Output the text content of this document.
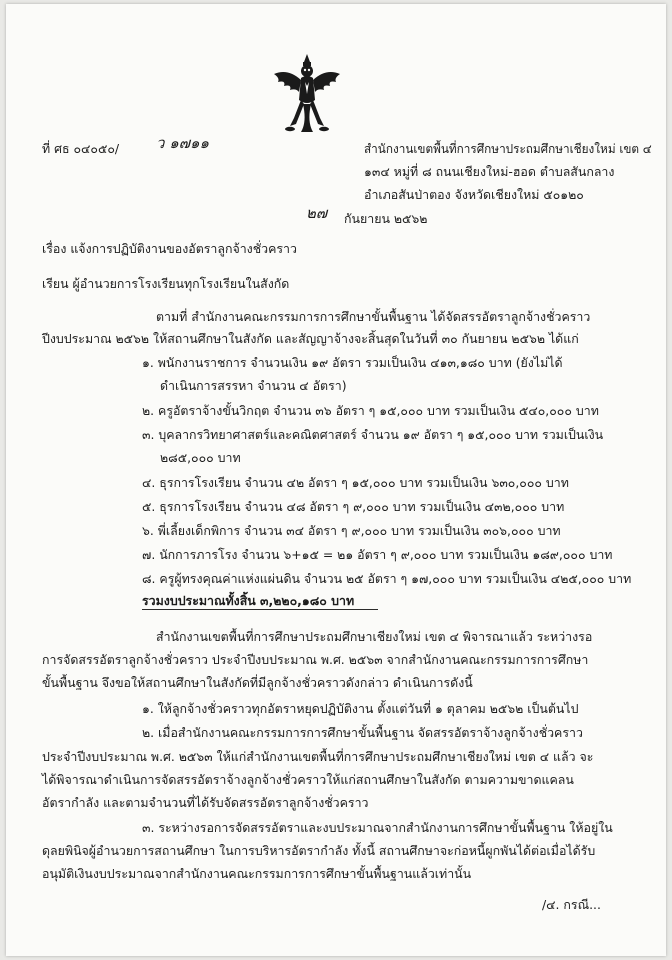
ที่ ศธ ๐๔๐๕๐/ ว ๑๗๑๑	สำนักงานเขตพื้นที่การศึกษาประถมศึกษาเชียงใหม่ เขต ๔
๑๓๔ หมู่ที่ ๘ ถนนเชียงใหม่-ฮอด ตำบลสันกลาง
อำเภอสันป่าตอง จังหวัดเชียงใหม่ ๕๐๑๒๐
๒๗ กันยายน ๒๕๖๒
เรื่อง แจ้งการปฏิบัติงานของอัตราลูกจ้างชั่วคราว
เรียน ผู้อำนวยการโรงเรียนทุกโรงเรียนในสังกัด
ตามที่ สำนักงานคณะกรรมการการศึกษาขั้นพื้นฐาน ได้จัดสรรอัตราลูกจ้างชั่วคราว
ปีงบประมาณ ๒๕๖๒ ให้สถานศึกษาในสังกัด และสัญญาจ้างจะสิ้นสุดในวันที่ ๓๐ กันยายน ๒๕๖๒ ได้แก่
๑. พนักงานราชการ จำนวนเงิน ๑๙ อัตรา รวมเป็นเงิน ๔๑๓,๑๘๐ บาท (ยังไม่ได้
ดำเนินการสรรหา จำนวน ๔ อัตรา)
๒. ครูอัตราจ้างขั้นวิกฤต จำนวน ๓๖ อัตรา ๆ ๑๕,๐๐๐ บาท รวมเป็นเงิน ๕๔๐,๐๐๐ บาท
๓. บุคลากรวิทยาศาสตร์และคณิตศาสตร์ จำนวน ๑๙ อัตรา ๆ ๑๕,๐๐๐ บาท รวมเป็นเงิน
๒๘๕,๐๐๐ บาท
๔. ธุรการโรงเรียน จำนวน ๔๒ อัตรา ๆ ๑๕,๐๐๐ บาท รวมเป็นเงิน ๖๓๐,๐๐๐ บาท
๕. ธุรการโรงเรียน จำนวน ๔๘ อัตรา ๆ ๙,๐๐๐ บาท รวมเป็นเงิน ๔๓๒,๐๐๐ บาท
๖. พี่เลี้ยงเด็กพิการ จำนวน ๓๔ อัตรา ๆ ๙,๐๐๐ บาท รวมเป็นเงิน ๓๐๖,๐๐๐ บาท
๗. นักการภารโรง จำนวน ๖+๑๕ = ๒๑ อัตรา ๆ ๙,๐๐๐ บาท รวมเป็นเงิน ๑๘๙,๐๐๐ บาท
๘. ครูผู้ทรงคุณค่าแห่งแผ่นดิน จำนวน ๒๕ อัตรา ๆ ๑๗,๐๐๐ บาท รวมเป็นเงิน ๔๒๕,๐๐๐ บาท
รวมงบประมาณทั้งสิ้น ๓,๒๒๐,๑๘๐ บาท
สำนักงานเขตพื้นที่การศึกษาประถมศึกษาเชียงใหม่ เขต ๔ พิจารณาแล้ว ระหว่างรอ
การจัดสรรอัตราลูกจ้างชั่วคราว ประจำปีงบประมาณ พ.ศ. ๒๕๖๓ จากสำนักงานคณะกรรมการการศึกษา
ขั้นพื้นฐาน จึงขอให้สถานศึกษาในสังกัดที่มีลูกจ้างชั่วคราวดังกล่าว ดำเนินการดังนี้
๑. ให้ลูกจ้างชั่วคราวทุกอัตราหยุดปฏิบัติงาน ตั้งแต่วันที่ ๑ ตุลาคม ๒๕๖๒ เป็นต้นไป
๒. เมื่อสำนักงานคณะกรรมการการศึกษาขั้นพื้นฐาน จัดสรรอัตราจ้างลูกจ้างชั่วคราว
ประจำปีงบประมาณ พ.ศ. ๒๕๖๓ ให้แก่สำนักงานเขตพื้นที่การศึกษาประถมศึกษาเชียงใหม่ เขต ๔ แล้ว จะ
ได้พิจารณาดำเนินการจัดสรรอัตราจ้างลูกจ้างชั่วคราวให้แก่สถานศึกษาในสังกัด ตามความขาดแคลน
อัตรากำลัง และตามจำนวนที่ได้รับจัดสรรอัตราลูกจ้างชั่วคราว
๓. ระหว่างรอการจัดสรรอัตราและงบประมาณจากสำนักงานการศึกษาขั้นพื้นฐาน ให้อยู่ใน
ดุลยพินิจผู้อำนวยการสถานศึกษา ในการบริหารอัตรากำลัง ทั้งนี้ สถานศึกษาจะก่อหนี้ผูกพันได้ต่อเมื่อได้รับ
อนุมัติเงินงบประมาณจากสำนักงานคณะกรรมการการศึกษาขั้นพื้นฐานแล้วเท่านั้น
/๔. กรณี...
